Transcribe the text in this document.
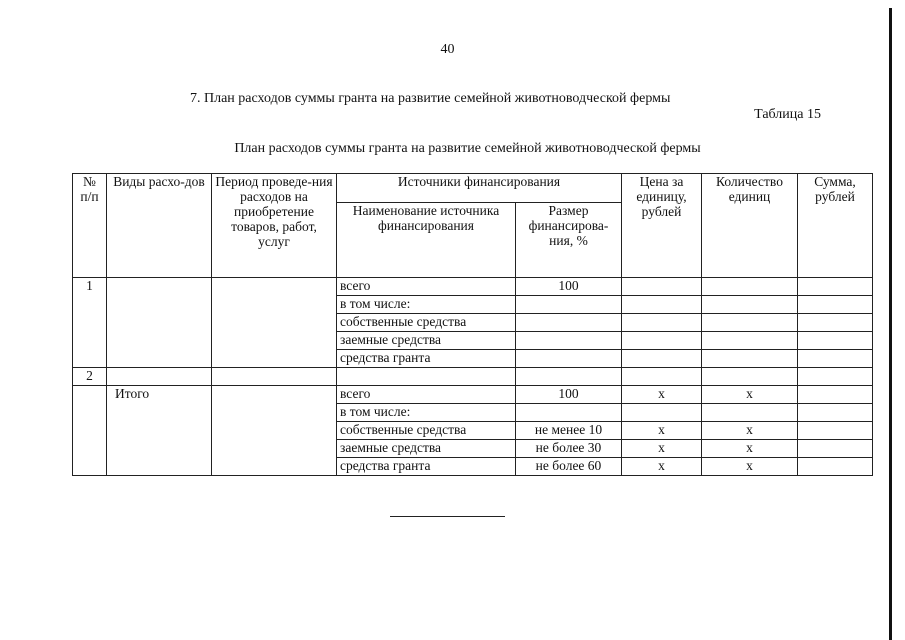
40
7. План расходов суммы гранта на развитие семейной животноводческой фермы
Таблица 15
План расходов суммы гранта на развитие семейной животноводческой фермы
№ п/п	Виды расхо-дов	Период проведе-ния расходов на приобретение товаров, работ, услуг	Источники финансирования		Цена за единицу, рублей	Количество единиц	Сумма, рублей
			Наименование источника финансирования	Размер финансирова-ния, %			
1			всего	100			
			в том числе:				
			собственные средства				
			заемные средства				
			средства гранта				
2							
	Итого		всего	100	x	x	
			в том числе:				
			собственные средства	не менее 10	x	x	
			заемные средства	не более 30	x	x	
			средства гранта	не более 60	x	x	
